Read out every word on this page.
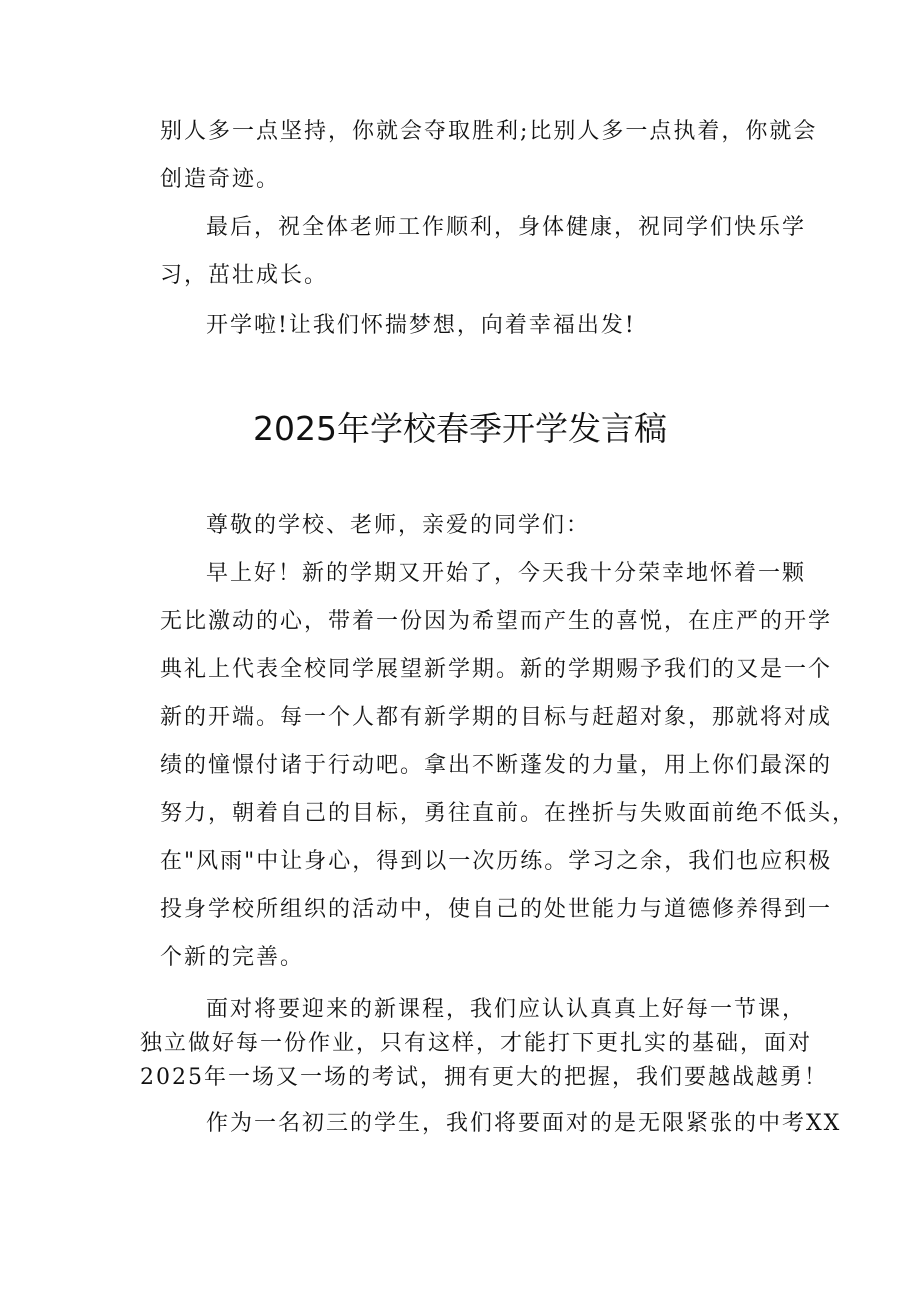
别人多一点坚持，你就会夺取胜利;比别人多一点执着，你就会
创造奇迹。
最后，祝全体老师工作顺利，身体健康，祝同学们快乐学
习，茁壮成长。
开学啦!让我们怀揣梦想，向着幸福出发!
2025年学校春季开学发言稿
尊敬的学校、老师，亲爱的同学们：
早上好！新的学期又开始了，今天我十分荣幸地怀着一颗
无比激动的心，带着一份因为希望而产生的喜悦，在庄严的开学
典礼上代表全校同学展望新学期。新的学期赐予我们的又是一个
新的开端。每一个人都有新学期的目标与赶超对象，那就将对成
绩的憧憬付诸于行动吧。拿出不断蓬发的力量，用上你们最深的
努力，朝着自己的目标，勇往直前。在挫折与失败面前绝不低头，
在"风雨"中让身心，得到以一次历练。学习之余，我们也应积极
投身学校所组织的活动中，使自己的处世能力与道德修养得到一
个新的完善。
面对将要迎来的新课程，我们应认认真真上好每一节课，
独立做好每一份作业，只有这样，才能打下更扎实的基础，面对
2025年一场又一场的考试，拥有更大的把握，我们要越战越勇！
作为一名初三的学生，我们将要面对的是无限紧张的中考XX
